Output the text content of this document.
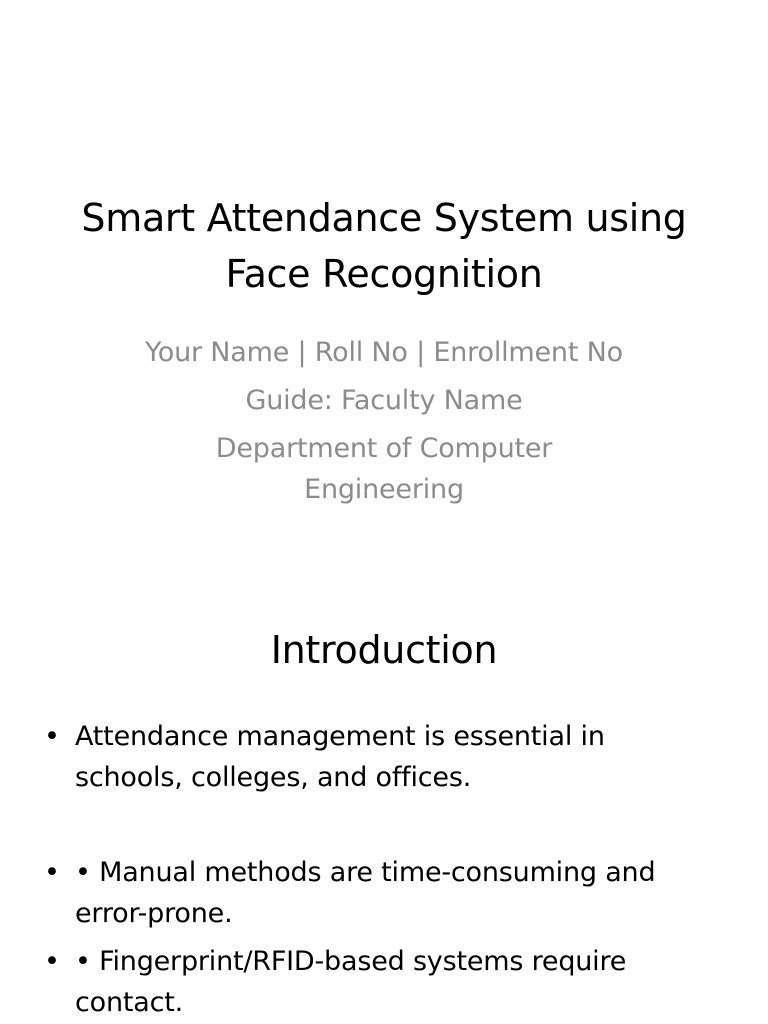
Smart Attendance System using Face Recognition

Your Name | Roll No | Enrollment No

Guide: Faculty Name

Department of Computer Engineering

Introduction
• Attendance management is essential in schools, colleges, and offices.
• • Manual methods are time-consuming and error-prone.
• • Fingerprint/RFID-based systems require contact.
